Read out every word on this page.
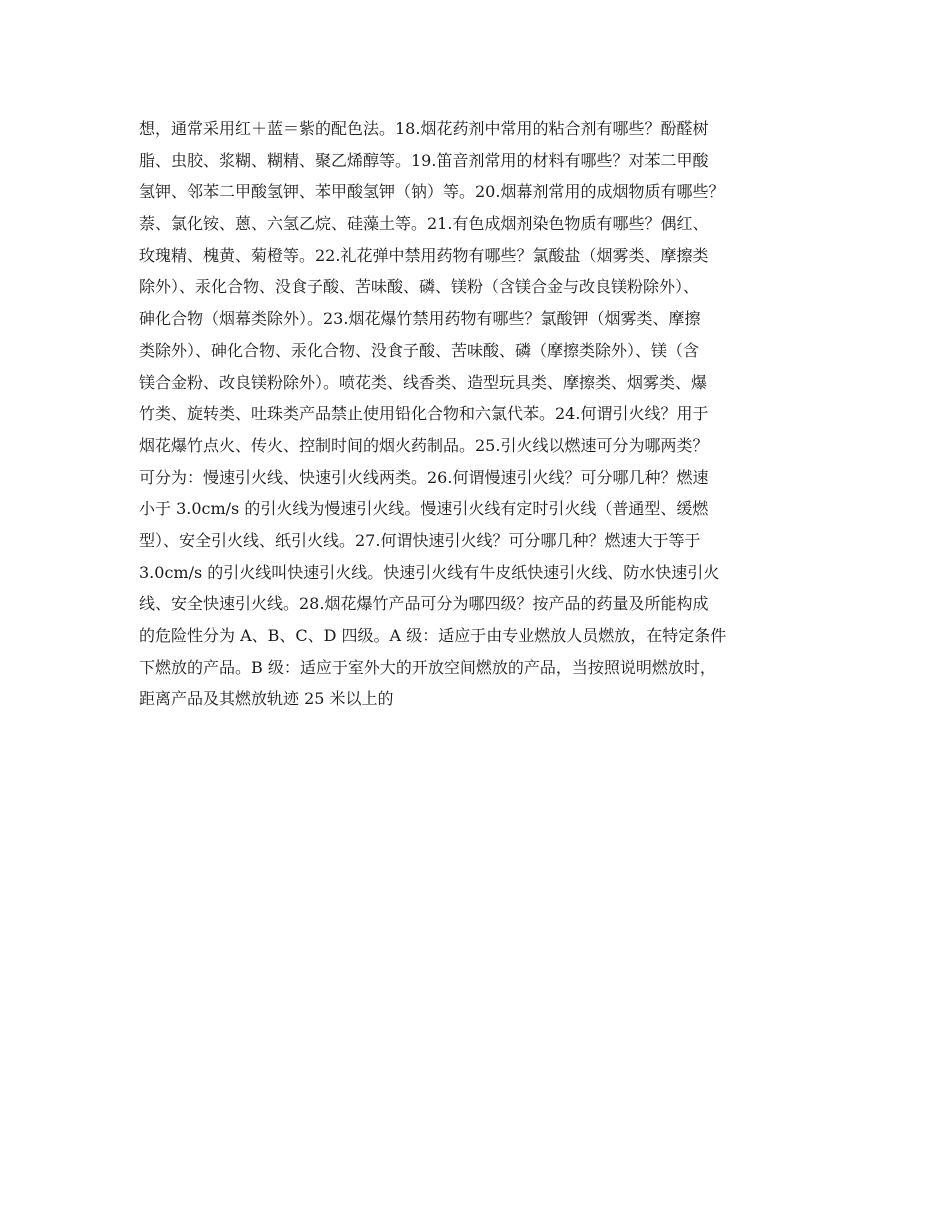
想，通常采用红＋蓝＝紫的配色法。18.烟花药剂中常用的粘合剂有哪些？酚醛树
脂、虫胶、浆糊、糊精、聚乙烯醇等。19.笛音剂常用的材料有哪些？对苯二甲酸
氢钾、邻苯二甲酸氢钾、苯甲酸氢钾（钠）等。20.烟幕剂常用的成烟物质有哪些？
萘、氯化铵、蒽、六氢乙烷、硅藻土等。21.有色成烟剂染色物质有哪些？偶红、
玫瑰精、槐黄、菊橙等。22.礼花弹中禁用药物有哪些？氯酸盐（烟雾类、摩擦类
除外）、汞化合物、没食子酸、苦味酸、磷、镁粉（含镁合金与改良镁粉除外）、
砷化合物（烟幕类除外）。23.烟花爆竹禁用药物有哪些？氯酸钾（烟雾类、摩擦
类除外）、砷化合物、汞化合物、没食子酸、苦味酸、磷（摩擦类除外）、镁（含
镁合金粉、改良镁粉除外）。喷花类、线香类、造型玩具类、摩擦类、烟雾类、爆
竹类、旋转类、吐珠类产品禁止使用铅化合物和六氯代苯。24.何谓引火线？用于
烟花爆竹点火、传火、控制时间的烟火药制品。25.引火线以燃速可分为哪两类？
可分为：慢速引火线、快速引火线两类。26.何谓慢速引火线？可分哪几种？燃速
小于 3.0cm/s 的引火线为慢速引火线。慢速引火线有定时引火线（普通型、缓燃
型）、安全引火线、纸引火线。27.何谓快速引火线？可分哪几种？燃速大于等于
3.0cm/s 的引火线叫快速引火线。快速引火线有牛皮纸快速引火线、防水快速引火
线、安全快速引火线。28.烟花爆竹产品可分为哪四级？按产品的药量及所能构成
的危险性分为 A、B、C、D 四级。A 级：适应于由专业燃放人员燃放，在特定条件
下燃放的产品。B 级：适应于室外大的开放空间燃放的产品，当按照说明燃放时，
距离产品及其燃放轨迹 25 米以上的
